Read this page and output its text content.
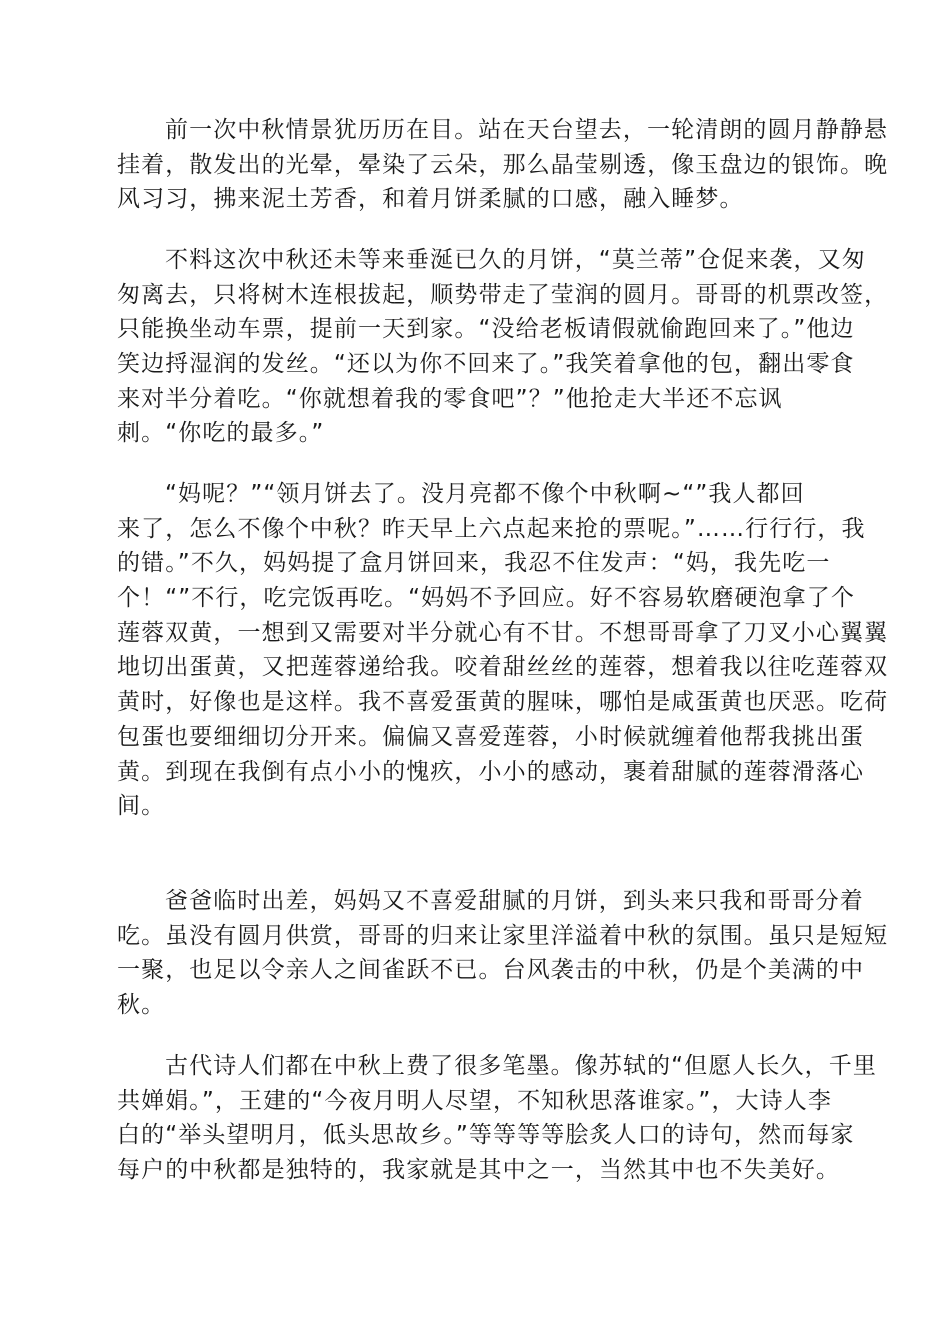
前一次中秋情景犹历历在目。站在天台望去，一轮清朗的圆月静静悬
挂着，散发出的光晕，晕染了云朵，那么晶莹剔透，像玉盘边的银饰。晚
风习习，拂来泥土芳香，和着月饼柔腻的口感，融入睡梦。
不料这次中秋还未等来垂涎已久的月饼，“莫兰蒂”仓促来袭，又匆
匆离去，只将树木连根拔起，顺势带走了莹润的圆月。哥哥的机票改签，
只能换坐动车票，提前一天到家。“没给老板请假就偷跑回来了。”他边
笑边捋湿润的发丝。“还以为你不回来了。”我笑着拿他的包，翻出零食
来对半分着吃。“你就想着我的零食吧”？”他抢走大半还不忘讽
刺。“你吃的最多。”
“妈呢？”“领月饼去了。没月亮都不像个中秋啊~“”我人都回
来了，怎么不像个中秋？昨天早上六点起来抢的票呢。”……行行行，我
的错。”不久，妈妈提了盒月饼回来，我忍不住发声：“妈，我先吃一
个！“”不行，吃完饭再吃。“妈妈不予回应。好不容易软磨硬泡拿了个
莲蓉双黄，一想到又需要对半分就心有不甘。不想哥哥拿了刀叉小心翼翼
地切出蛋黄，又把莲蓉递给我。咬着甜丝丝的莲蓉，想着我以往吃莲蓉双
黄时，好像也是这样。我不喜爱蛋黄的腥味，哪怕是咸蛋黄也厌恶。吃荷
包蛋也要细细切分开来。偏偏又喜爱莲蓉，小时候就缠着他帮我挑出蛋
黄。到现在我倒有点小小的愧疚，小小的感动，裹着甜腻的莲蓉滑落心
间。
爸爸临时出差，妈妈又不喜爱甜腻的月饼，到头来只我和哥哥分着
吃。虽没有圆月供赏，哥哥的归来让家里洋溢着中秋的氛围。虽只是短短
一聚，也足以令亲人之间雀跃不已。台风袭击的中秋，仍是个美满的中
秋。
古代诗人们都在中秋上费了很多笔墨。像苏轼的“但愿人长久，千里
共婵娟。”，王建的“今夜月明人尽望，不知秋思落谁家。”，大诗人李
白的“举头望明月，低头思故乡。”等等等等脍炙人口的诗句，然而每家
每户的中秋都是独特的，我家就是其中之一，当然其中也不失美好。
